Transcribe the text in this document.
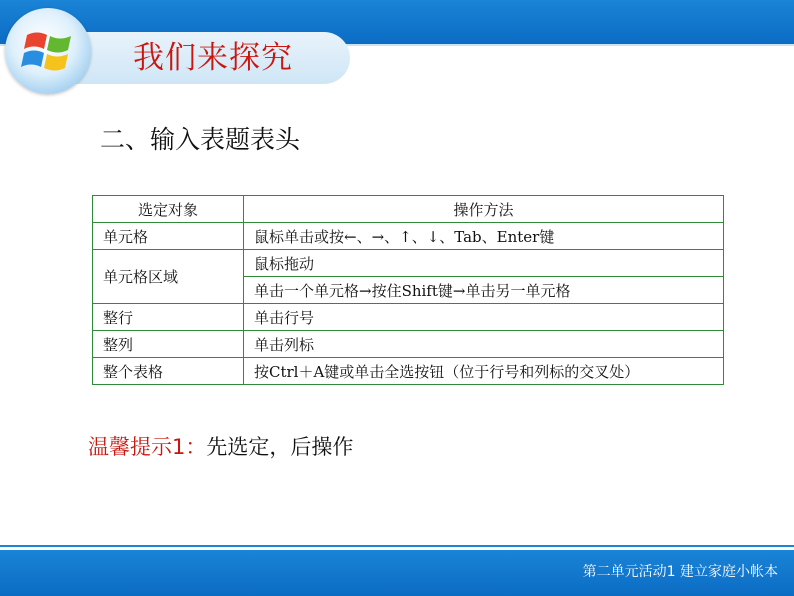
我们来探究
二、输入表题表头
选定对象	操作方法
单元格	鼠标单击或按←、→、↑、↓、Tab、Enter键
单元格区域	鼠标拖动
	单击一个单元格→按住Shift键→单击另一单元格
整行	单击行号
整列	单击列标
整个表格	按Ctrl＋A键或单击全选按钮（位于行号和列标的交叉处）
温馨提示1：先选定，后操作
第二单元活动1 建立家庭小帐本
